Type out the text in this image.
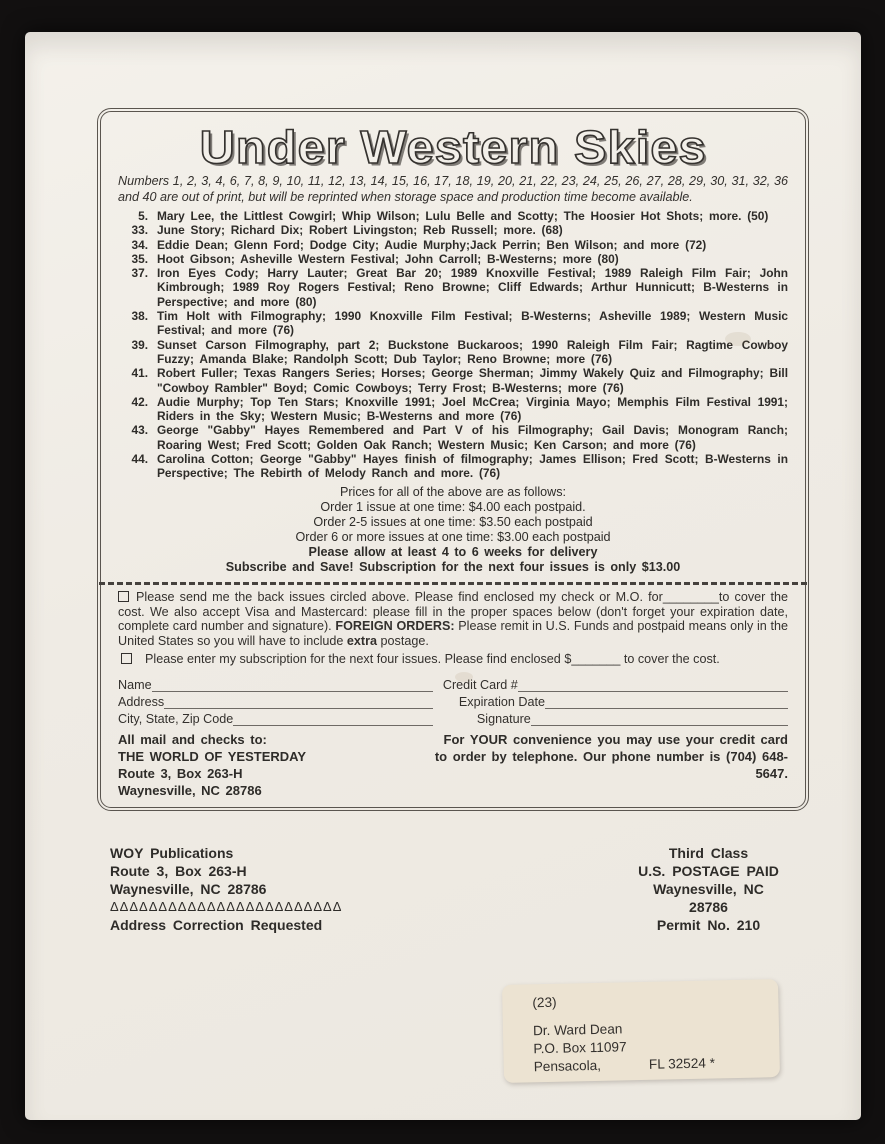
Under Western Skies

Numbers 1, 2, 3, 4, 6, 7, 8, 9, 10, 11, 12, 13, 14, 15, 16, 17, 18, 19, 20, 21, 22, 23, 24, 25, 26, 27, 28, 29, 30, 31, 32, 36 and 40 are out of print, but will be reprinted when storage space and production time become available.

5. Mary Lee, the Littlest Cowgirl; Whip Wilson; Lulu Belle and Scotty; The Hoosier Hot Shots; more. (50)
33. June Story; Richard Dix; Robert Livingston; Reb Russell; more. (68)
34. Eddie Dean; Glenn Ford; Dodge City; Audie Murphy;Jack Perrin; Ben Wilson; and more (72)
35. Hoot Gibson; Asheville Western Festival; John Carroll; B-Westerns; more (80)
37. Iron Eyes Cody; Harry Lauter; Great Bar 20; 1989 Knoxville Festival; 1989 Raleigh Film Fair; John Kimbrough; 1989 Roy Rogers Festival; Reno Browne; Cliff Edwards; Arthur Hunnicutt; B-Westerns in Perspective; and more (80)
38. Tim Holt with Filmography; 1990 Knoxville Film Festival; B-Westerns; Asheville 1989; Western Music Festival; and more (76)
39. Sunset Carson Filmography, part 2; Buckstone Buckaroos; 1990 Raleigh Film Fair; Ragtime Cowboy Fuzzy; Amanda Blake; Randolph Scott; Dub Taylor; Reno Browne; more (76)
41. Robert Fuller; Texas Rangers Series; Horses; George Sherman; Jimmy Wakely Quiz and Filmography; Bill "Cowboy Rambler" Boyd; Comic Cowboys; Terry Frost; B-Westerns; more (76)
42. Audie Murphy; Top Ten Stars; Knoxville 1991; Joel McCrea; Virginia Mayo; Memphis Film Festival 1991; Riders in the Sky; Western Music; B-Westerns and more (76)
43. George "Gabby" Hayes Remembered and Part V of his Filmography; Gail Davis; Monogram Ranch; Roaring West; Fred Scott; Golden Oak Ranch; Western Music; Ken Carson; and more (76)
44. Carolina Cotton; George "Gabby" Hayes finish of filmography; James Ellison; Fred Scott; B-Westerns in Perspective; The Rebirth of Melody Ranch and more. (76)
Prices for all of the above are as follows:
Order 1 issue at one time: $4.00 each postpaid.
Order 2-5 issues at one time: $3.50 each postpaid
Order 6 or more issues at one time: $3.00 each postpaid
Please allow at least 4 to 6 weeks for delivery
Subscribe and Save! Subscription for the next four issues is only $13.00

Please send me the back issues circled above. Please find enclosed my check or M.O. for________to cover the cost. We also accept Visa and Mastercard: please fill in the proper spaces below (don't forget your expiration date, complete card number and signature). FOREIGN ORDERS: Please remit in U.S. Funds and postpaid means only in the United States so you will have to include extra postage.

Please enter my subscription for the next four issues. Please find enclosed $_______ to cover the cost.

Name	Credit Card #
Address	Expiration Date
City, State, Zip Code	Signature
All mail and checks to:
THE WORLD OF YESTERDAY
Route 3, Box 263-H
Waynesville, NC 28786
For YOUR convenience you may use your credit card to order by telephone. Our phone number is (704) 648-5647.
WOY Publications
Route 3, Box 263-H
Waynesville, NC 28786
ΔΔΔΔΔΔΔΔΔΔΔΔΔΔΔΔΔΔΔΔΔΔΔΔ
Address Correction Requested
Third Class
U.S. POSTAGE PAID
Waynesville, NC
28786
Permit No. 210
(23)
Dr. Ward Dean
P.O. Box 11097
Pensacola,	FL 32524 *
